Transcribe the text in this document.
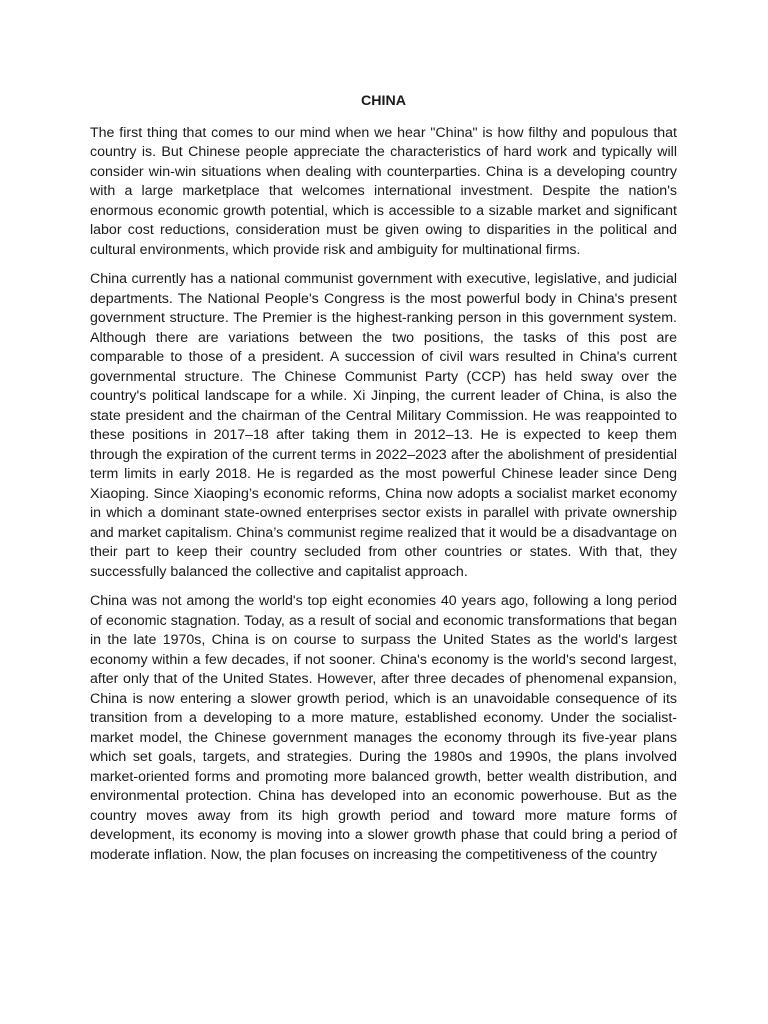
CHINA

The first thing that comes to our mind when we hear "China" is how filthy and populous that country is. But Chinese people appreciate the characteristics of hard work and typically will consider win-win situations when dealing with counterparties. China is a developing country with a large marketplace that welcomes international investment. Despite the nation's enormous economic growth potential, which is accessible to a sizable market and significant labor cost reductions, consideration must be given owing to disparities in the political and cultural environments, which provide risk and ambiguity for multinational firms.

China currently has a national communist government with executive, legislative, and judicial departments. The National People's Congress is the most powerful body in China's present government structure. The Premier is the highest-ranking person in this government system. Although there are variations between the two positions, the tasks of this post are comparable to those of a president. A succession of civil wars resulted in China's current governmental structure. The Chinese Communist Party (CCP) has held sway over the country's political landscape for a while. Xi Jinping, the current leader of China, is also the state president and the chairman of the Central Military Commission. He was reappointed to these positions in 2017–18 after taking them in 2012–13. He is expected to keep them through the expiration of the current terms in 2022–2023 after the abolishment of presidential term limits in early 2018. He is regarded as the most powerful Chinese leader since Deng Xiaoping. Since Xiaoping’s economic reforms, China now adopts a socialist market economy in which a dominant state-owned enterprises sector exists in parallel with private ownership and market capitalism. China’s communist regime realized that it would be a disadvantage on their part to keep their country secluded from other countries or states. With that, they successfully balanced the collective and capitalist approach.

China was not among the world's top eight economies 40 years ago, following a long period of economic stagnation. Today, as a result of social and economic transformations that began in the late 1970s, China is on course to surpass the United States as the world's largest economy within a few decades, if not sooner. China's economy is the world's second largest, after only that of the United States. However, after three decades of phenomenal expansion, China is now entering a slower growth period, which is an unavoidable consequence of its transition from a developing to a more mature, established economy. Under the socialist-market model, the Chinese government manages the economy through its five-year plans which set goals, targets, and strategies. During the 1980s and 1990s, the plans involved market-oriented forms and promoting more balanced growth, better wealth distribution, and environmental protection. China has developed into an economic powerhouse. But as the country moves away from its high growth period and toward more mature forms of development, its economy is moving into a slower growth phase that could bring a period of moderate inflation. Now, the plan focuses on increasing the competitiveness of the country
